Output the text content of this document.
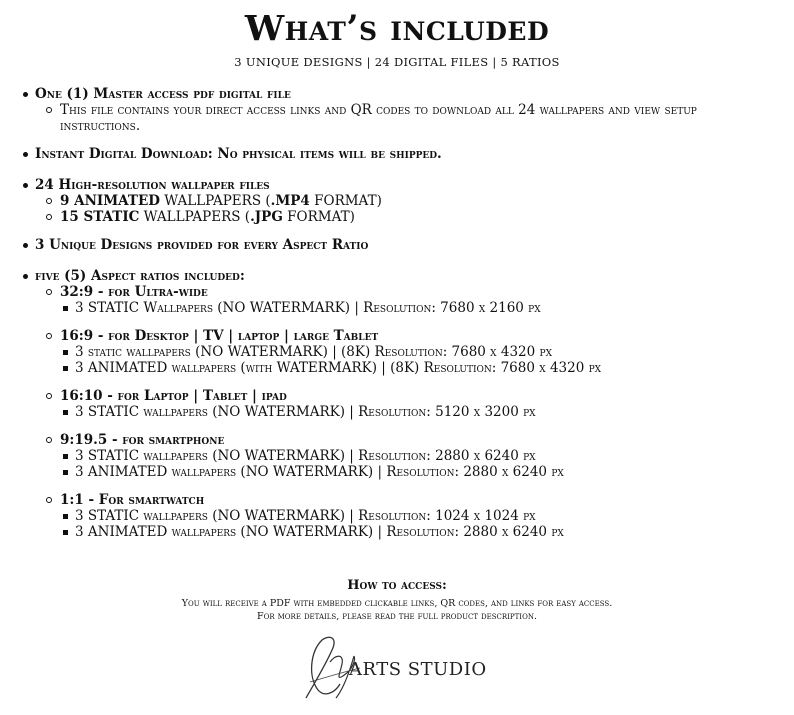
What’s included
3 UNIQUE DESIGNS | 24 DIGITAL FILES | 5 RATIOS
One (1) Master access pdf digital file
This file contains your direct access links and QR codes to download all 24 wallpapers and view setup instructions.
Instant Digital Download: No physical items will be shipped.
24 High-resolution wallpaper files
9 ANIMATED WALLPAPERS (.MP4 FORMAT)
15 STATIC WALLPAPERS (.JPG FORMAT)
3 Unique Designs provided for every Aspect Ratio
five (5) Aspect ratios included:
32:9 - for Ultra-wide
3 STATIC Wallpapers (NO WATERMARK) | Resolution: 7680 x 2160 px
16:9 - for Desktop | TV | laptop | large Tablet
3 static wallpapers (NO WATERMARK) | (8K) Resolution: 7680 x 4320 px
3 ANIMATED wallpapers (with WATERMARK) | (8K) Resolution: 7680 x 4320 px
16:10 - for Laptop | Tablet | ipad
3 STATIC wallpapers (NO WATERMARK) | Resolution: 5120 x 3200 px
9:19.5 - for smartphone
3 STATIC wallpapers (NO WATERMARK) | Resolution: 2880 x 6240 px
3 ANIMATED wallpapers (NO WATERMARK) | Resolution: 2880 x 6240 px
1:1 - For smartwatch
3 STATIC wallpapers (NO WATERMARK) | Resolution: 1024 x 1024 px
3 ANIMATED wallpapers (NO WATERMARK) | Resolution: 2880 x 6240 px
How to access:
You will receive a PDF with embedded clickable links, QR codes, and links for easy access.
For more details, please read the full product description.
ARTS STUDIO
